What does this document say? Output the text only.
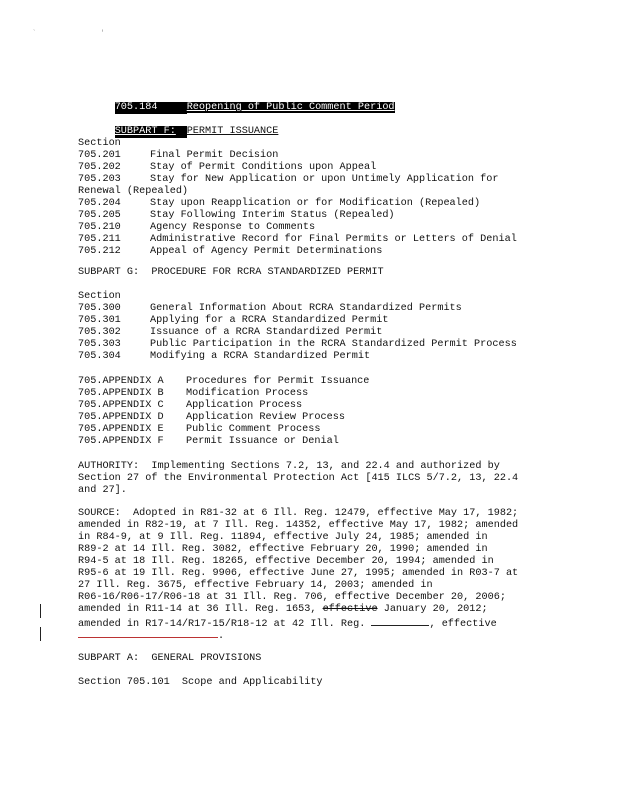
` '

705.184	Reopening of Public Comment Period

SUBPART F: PERMIT ISSUANCE

Section
705.201	Final Permit Decision
705.202	Stay of Permit Conditions upon Appeal
705.203	Stay for New Application or upon Untimely Application for
Renewal (Repealed)
705.204	Stay upon Reapplication or for Modification (Repealed)
705.205	Stay Following Interim Status (Repealed)
705.210	Agency Response to Comments
705.211	Administrative Record for Final Permits or Letters of Denial
705.212	Appeal of Agency Permit Determinations
SUBPART G:  PROCEDURE FOR RCRA STANDARDIZED PERMIT
Section
705.300	General Information About RCRA Standardized Permits
705.301	Applying for a RCRA Standardized Permit
705.302	Issuance of a RCRA Standardized Permit
705.303	Public Participation in the RCRA Standardized Permit Process
705.304	Modifying a RCRA Standardized Permit
705.APPENDIX A Procedures for Permit Issuance
705.APPENDIX B Modification Process
705.APPENDIX C Application Process
705.APPENDIX D Application Review Process
705.APPENDIX E Public Comment Process
705.APPENDIX F Permit Issuance or Denial
AUTHORITY:  Implementing Sections 7.2, 13, and 22.4 and authorized by
Section 27 of the Environmental Protection Act [415 ILCS 5/7.2, 13, 22.4
and 27].
SOURCE:  Adopted in R81-32 at 6 Ill. Reg. 12479, effective May 17, 1982;
amended in R82-19, at 7 Ill. Reg. 14352, effective May 17, 1982; amended
in R84-9, at 9 Ill. Reg. 11894, effective July 24, 1985; amended in
R89-2 at 14 Ill. Reg. 3082, effective February 20, 1990; amended in
R94-5 at 18 Ill. Reg. 18265, effective December 20, 1994; amended in
R95-6 at 19 Ill. Reg. 9906, effective June 27, 1995; amended in R03-7 at
27 Ill. Reg. 3675, effective February 14, 2003; amended in
R06-16/R06-17/R06-18 at 31 Ill. Reg. 706, effective December 20, 2006;
amended in R11-14 at 36 Ill. Reg. 1653, effective January 20, 2012;
amended in R17-14/R17-15/R18-12 at 42 Ill. Reg.	, effective
.
SUBPART A:  GENERAL PROVISIONS
Section 705.101  Scope and Applicability
